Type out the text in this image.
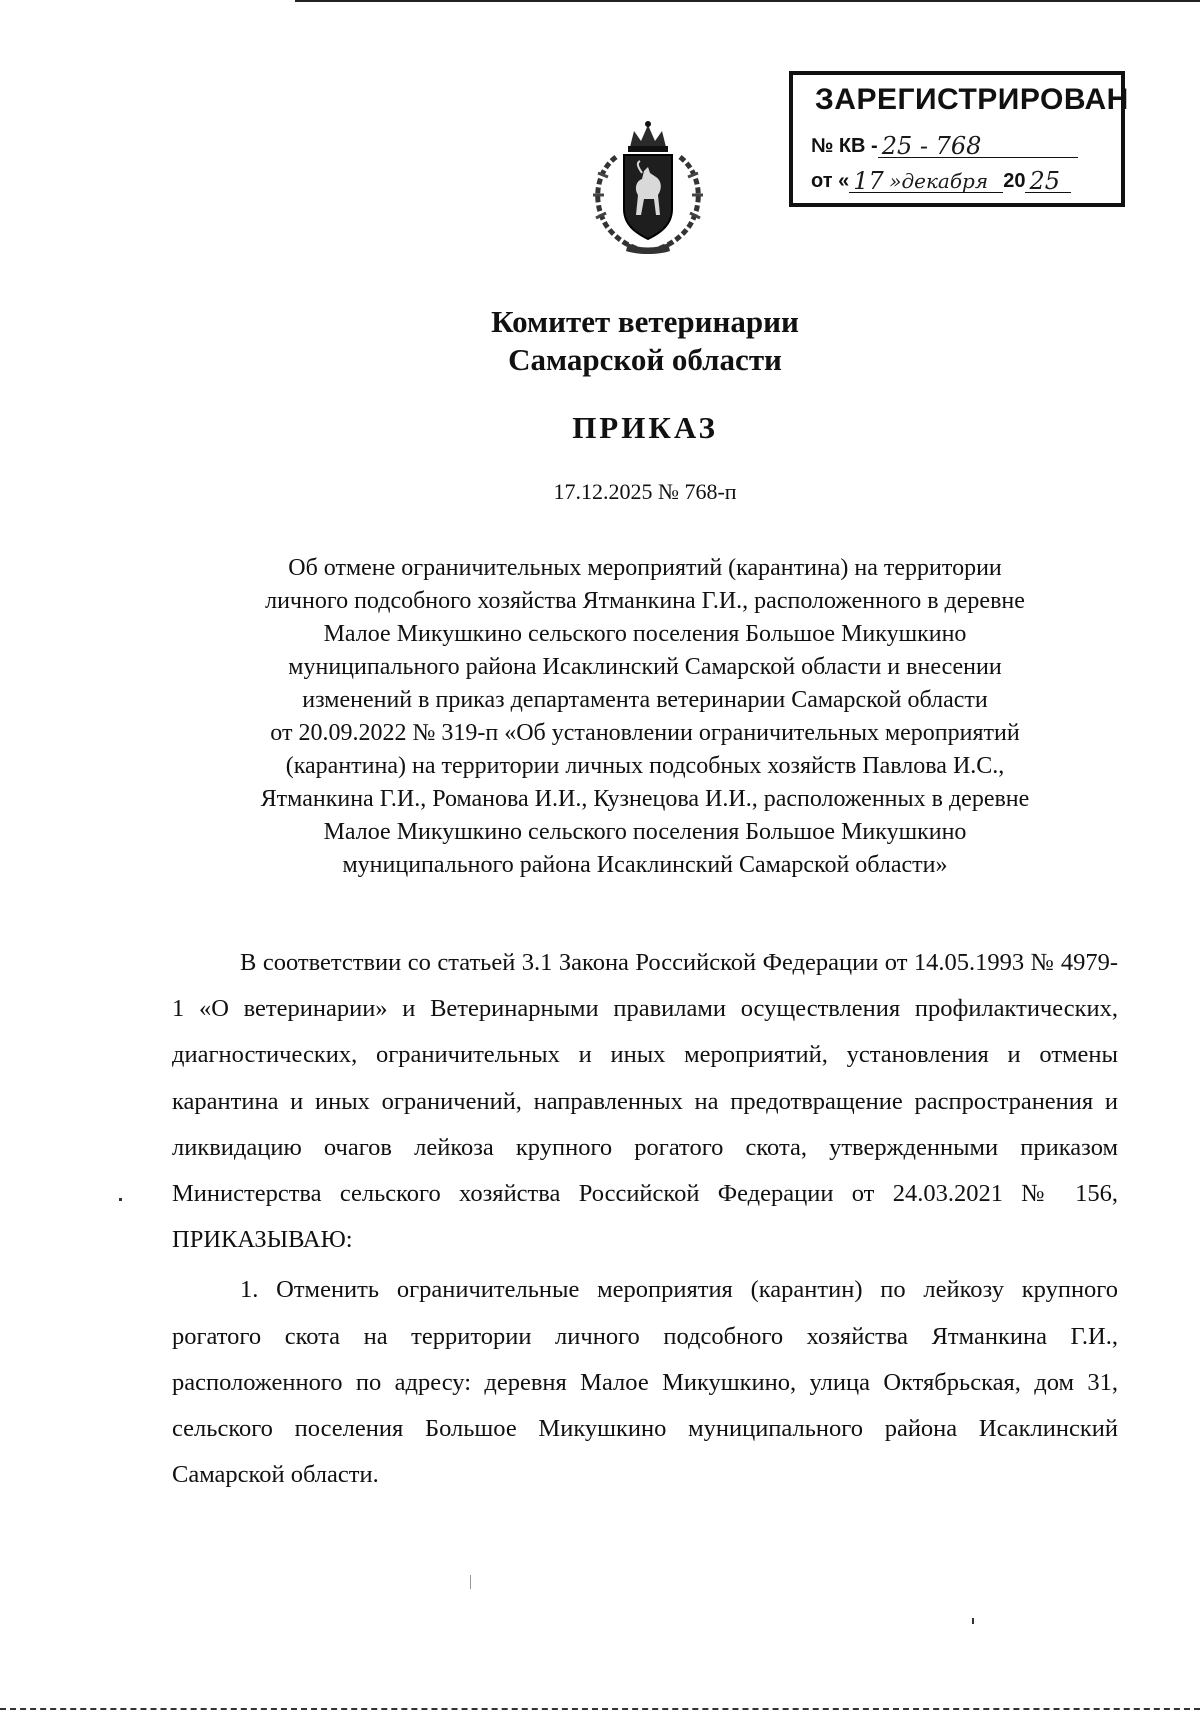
ЗАРЕГИСТРИРОВАН
№ КВ - 25 - 768
от « 17 »декабря 20 25
Комитет ветеринарии
Самарской области
ПРИКАЗ
17.12.2025 № 768-п
Об отмене ограничительных мероприятий (карантина) на территории
личного подсобного хозяйства Ятманкина Г.И., расположенного в деревне
Малое Микушкино сельского поселения Большое Микушкино
муниципального района Исаклинский Самарской области и внесении
изменений в приказ департамента ветеринарии Самарской области
от 20.09.2022 № 319-п «Об установлении ограничительных мероприятий
(карантина) на территории личных подсобных хозяйств Павлова И.С.,
Ятманкина Г.И., Романова И.И., Кузнецова И.И., расположенных в деревне
Малое Микушкино сельского поселения Большое Микушкино
муниципального района Исаклинский Самарской области»

В соответствии со статьей 3.1 Закона Российской Федерации от 14.05.1993 № 4979-1 «О ветеринарии» и Ветеринарными правилами осуществления профилактических, диагностических, ограничительных и иных мероприятий, установления и отмены карантина и иных ограничений, направленных на предотвращение распространения и ликвидацию очагов лейкоза крупного рогатого скота, утвержденными приказом Министерства сельского хозяйства Российской Федерации от 24.03.2021 № 156, ПРИКАЗЫВАЮ:

1. Отменить ограничительные мероприятия (карантин) по лейкозу крупного рогатого скота на территории личного подсобного хозяйства Ятманкина Г.И., расположенного по адресу: деревня Малое Микушкино, улица Октябрьская, дом 31, сельского поселения Большое Микушкино муниципального района Исаклинский Самарской области.
